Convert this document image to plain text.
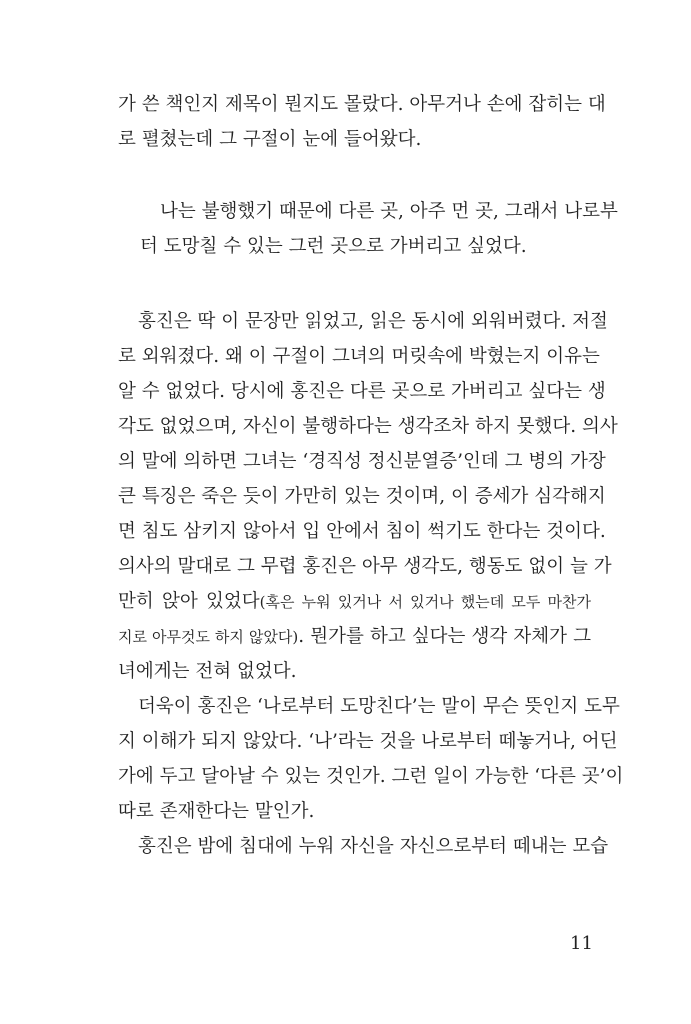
가 쓴 책인지 제목이 뭔지도 몰랐다. 아무거나 손에 잡히는 대
로 펼쳤는데 그 구절이 눈에 들어왔다.
나는 불행했기 때문에 다른 곳, 아주 먼 곳, 그래서 나로부
터 도망칠 수 있는 그런 곳으로 가버리고 싶었다.
홍진은 딱 이 문장만 읽었고, 읽은 동시에 외워버렸다. 저절
로 외워졌다. 왜 이 구절이 그녀의 머릿속에 박혔는지 이유는
알 수 없었다. 당시에 홍진은 다른 곳으로 가버리고 싶다는 생
각도 없었으며, 자신이 불행하다는 생각조차 하지 못했다. 의사
의 말에 의하면 그녀는 ‘경직성 정신분열증’인데 그 병의 가장
큰 특징은 죽은 듯이 가만히 있는 것이며, 이 증세가 심각해지
면 침도 삼키지 않아서 입 안에서 침이 썩기도 한다는 것이다.
의사의 말대로 그 무렵 홍진은 아무 생각도, 행동도 없이 늘 가
만히 앉아 있었다(혹은 누워 있거나 서 있거나 했는데 모두 마찬가
지로 아무것도 하지 않았다). 뭔가를 하고 싶다는 생각 자체가 그
녀에게는 전혀 없었다.
더욱이 홍진은 ‘나로부터 도망친다’는 말이 무슨 뜻인지 도무
지 이해가 되지 않았다. ‘나’라는 것을 나로부터 떼놓거나, 어딘
가에 두고 달아날 수 있는 것인가. 그런 일이 가능한 ‘다른 곳’이
따로 존재한다는 말인가.
홍진은 밤에 침대에 누워 자신을 자신으로부터 떼내는 모습
11
